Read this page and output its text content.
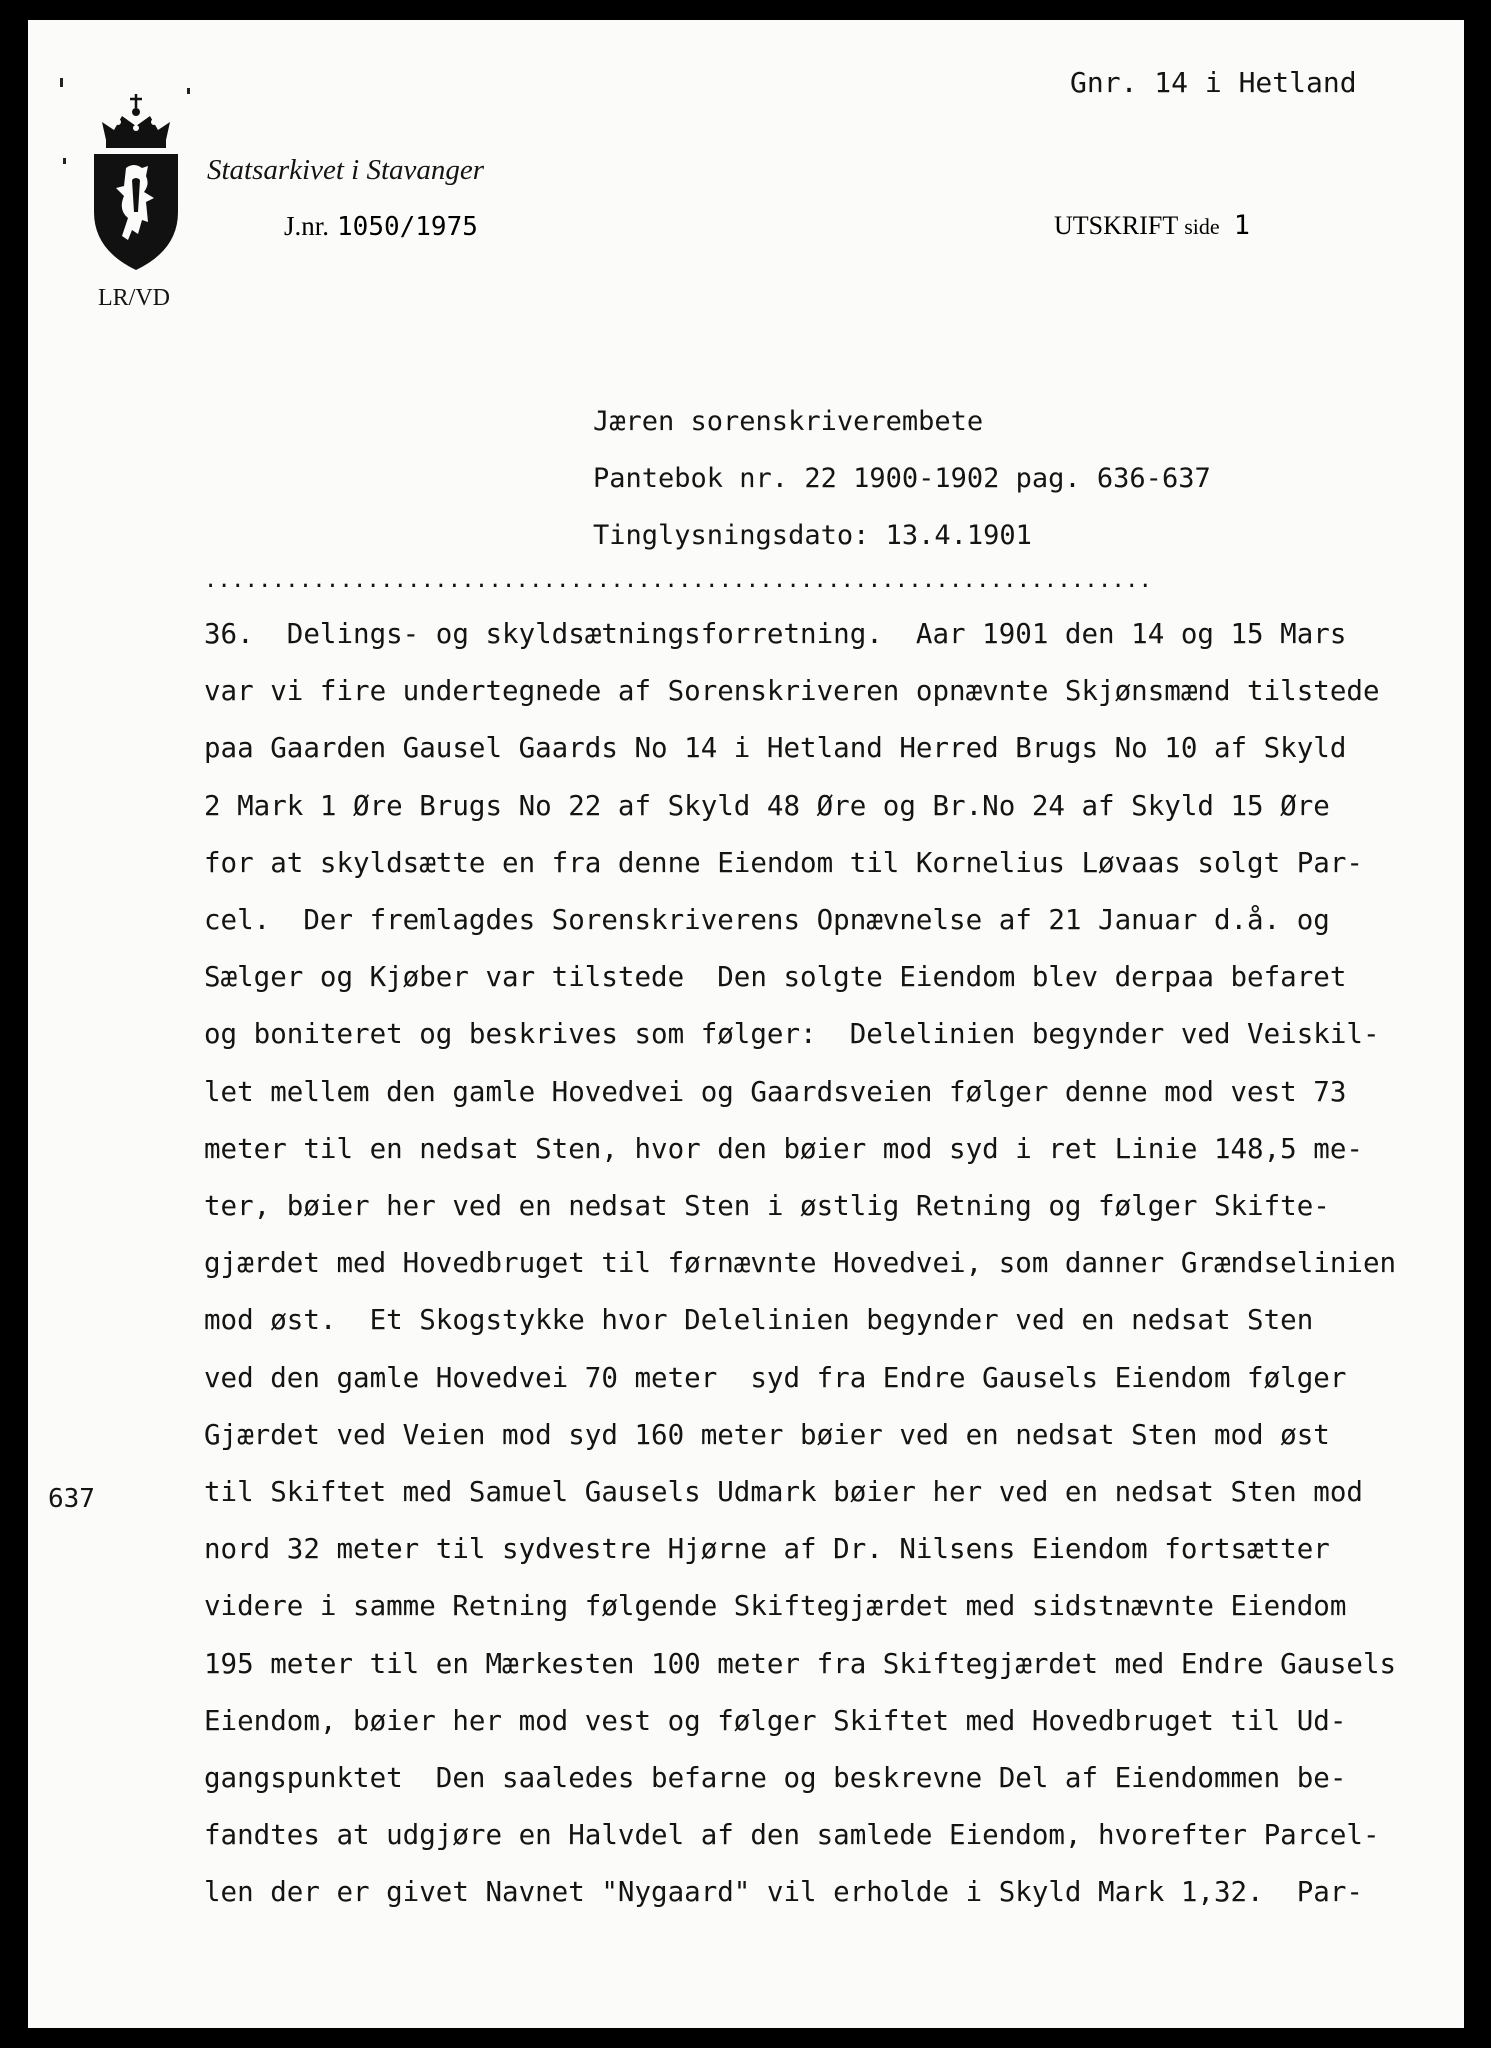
Gnr. 14 i Hetland
Statsarkivet i Stavanger

J.nr. 1050/1975
	UTSKRIFT side 1

LR/VD
Jæren sorenskriverembete
Pantebok nr. 22 1900-1902 pag. 636-637
Tinglysningsdato: 13.4.1901
......................................................................
637
36.  Delings- og skyldsætningsforretning.  Aar 1901 den 14 og 15 Mars
var vi fire undertegnede af Sorenskriveren opnævnte Skjønsmænd tilstede
paa Gaarden Gausel Gaards No 14 i Hetland Herred Brugs No 10 af Skyld
2 Mark 1 Øre Brugs No 22 af Skyld 48 Øre og Br.No 24 af Skyld 15 Øre
for at skyldsætte en fra denne Eiendom til Kornelius Løvaas solgt Par-
cel.  Der fremlagdes Sorenskriverens Opnævnelse af 21 Januar d.å. og
Sælger og Kjøber var tilstede  Den solgte Eiendom blev derpaa befaret
og boniteret og beskrives som følger:  Delelinien begynder ved Veiskil-
let mellem den gamle Hovedvei og Gaardsveien følger denne mod vest 73
meter til en nedsat Sten, hvor den bøier mod syd i ret Linie 148,5 me-
ter, bøier her ved en nedsat Sten i østlig Retning og følger Skifte-
gjærdet med Hovedbruget til førnævnte Hovedvei, som danner Grændselinien
mod øst.  Et Skogstykke hvor Delelinien begynder ved en nedsat Sten
ved den gamle Hovedvei 70 meter  syd fra Endre Gausels Eiendom følger
Gjærdet ved Veien mod syd 160 meter bøier ved en nedsat Sten mod øst
til Skiftet med Samuel Gausels Udmark bøier her ved en nedsat Sten mod
nord 32 meter til sydvestre Hjørne af Dr. Nilsens Eiendom fortsætter
videre i samme Retning følgende Skiftegjærdet med sidstnævnte Eiendom
195 meter til en Mærkesten 100 meter fra Skiftegjærdet med Endre Gausels
Eiendom, bøier her mod vest og følger Skiftet med Hovedbruget til Ud-
gangspunktet  Den saaledes befarne og beskrevne Del af Eiendommen be-
fandtes at udgjøre en Halvdel af den samlede Eiendom, hvorefter Parcel-
len der er givet Navnet "Nygaard" vil erholde i Skyld Mark 1,32.  Par-
